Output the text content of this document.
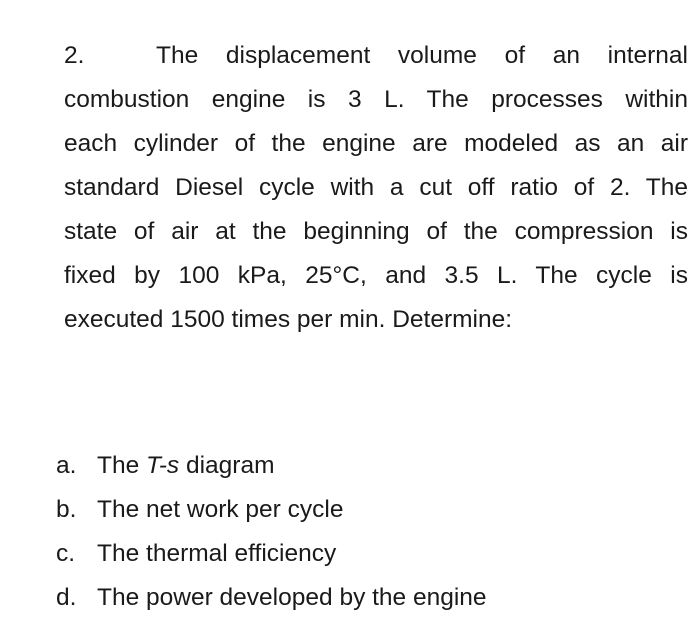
2.	The displacement volume of an internal
combustion engine is 3 L. The processes within
each cylinder of the engine are modeled as an air
standard Diesel cycle with a cut off ratio of 2. The
state of air at the beginning of the compression is
fixed by 100 kPa, 25°C, and 3.5 L. The cycle is
executed 1500 times per min. Determine:

a. The T-s diagram
b. The net work per cycle
c. The thermal efficiency
d. The power developed by the engine
